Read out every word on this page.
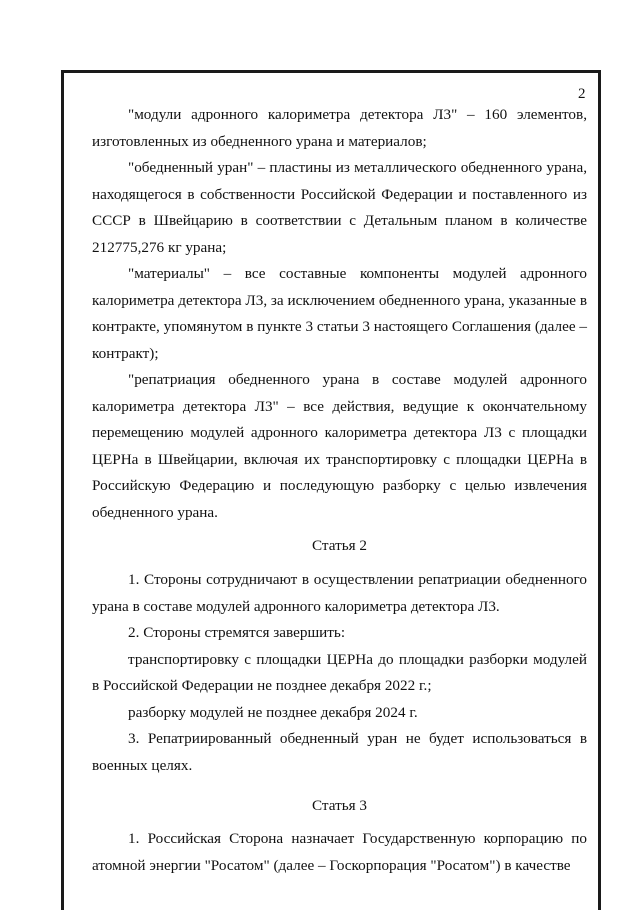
2

"модули адронного калориметра детектора Л3" – 160 элементов, изготовленных из обедненного урана и материалов;

"обедненный уран" – пластины из металлического обедненного урана, находящегося в собственности Российской Федерации и поставленного из СССР в Швейцарию в соответствии с Детальным планом в количестве 212775,276 кг урана;

"материалы" – все составные компоненты модулей адронного калориметра детектора Л3, за исключением обедненного урана, указанные в контракте, упомянутом в пункте 3 статьи 3 настоящего Соглашения (далее – контракт);

"репатриация обедненного урана в составе модулей адронного калориметра детектора Л3" – все действия, ведущие к окончательному перемещению модулей адронного калориметра детектора Л3 с площадки ЦЕРНа в Швейцарии, включая их транспортировку с площадки ЦЕРНа в Российскую Федерацию и последующую разборку с целью извлечения обедненного урана.

Статья 2

1. Стороны сотрудничают в осуществлении репатриации обедненного урана в составе модулей адронного калориметра детектора Л3.

2. Стороны стремятся завершить:

транспортировку с площадки ЦЕРНа до площадки разборки модулей в Российской Федерации не позднее декабря 2022 г.;

разборку модулей не позднее декабря 2024 г.

3. Репатриированный обедненный уран не будет использоваться в военных целях.

Статья 3

1. Российская Сторона назначает Государственную корпорацию по атомной энергии "Росатом" (далее – Госкорпорация "Росатом") в качестве
